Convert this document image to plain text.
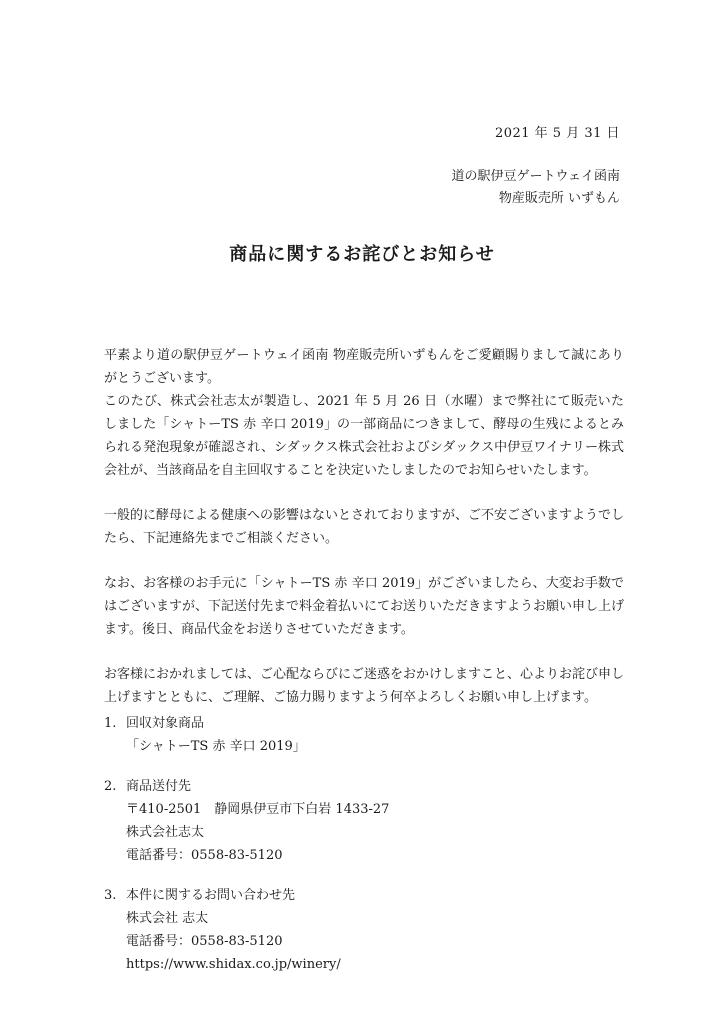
2021 年 5 月 31 日
道の駅伊豆ゲートウェイ函南
物産販売所 いずもん
商品に関するお詫びとお知らせ

平素より道の駅伊豆ゲートウェイ函南 物産販売所いずもんをご愛顧賜りまして誠にありがとうございます。

このたび、株式会社志太が製造し、2021 年 5 月 26 日（水曜）まで弊社にて販売いたしました「シャトーTS 赤 辛口 2019」の一部商品につきまして、酵母の生残によるとみられる発泡現象が確認され、シダックス株式会社およびシダックス中伊豆ワイナリー株式会社が、当該商品を自主回収することを決定いたしましたのでお知らせいたします。

一般的に酵母による健康への影響はないとされておりますが、ご不安ございますようでしたら、下記連絡先までご相談ください。

なお、お客様のお手元に「シャトーTS 赤 辛口 2019」がございましたら、大変お手数ではございますが、下記送付先まで料金着払いにてお送りいただきますようお願い申し上げます。後日、商品代金をお送りさせていただきます。

お客様におかれましては、ご心配ならびにご迷惑をおかけしますこと、心よりお詫び申し上げますとともに、ご理解、ご協力賜りますよう何卒よろしくお願い申し上げます。

1. 回収対象商品
「シャトーTS 赤 辛口 2019」
2. 商品送付先
〒410-2501　静岡県伊豆市下白岩 1433-27
株式会社志太
電話番号：0558-83-5120
3. 本件に関するお問い合わせ先
株式会社 志太
電話番号：0558-83-5120
https://www.shidax.co.jp/winery/
